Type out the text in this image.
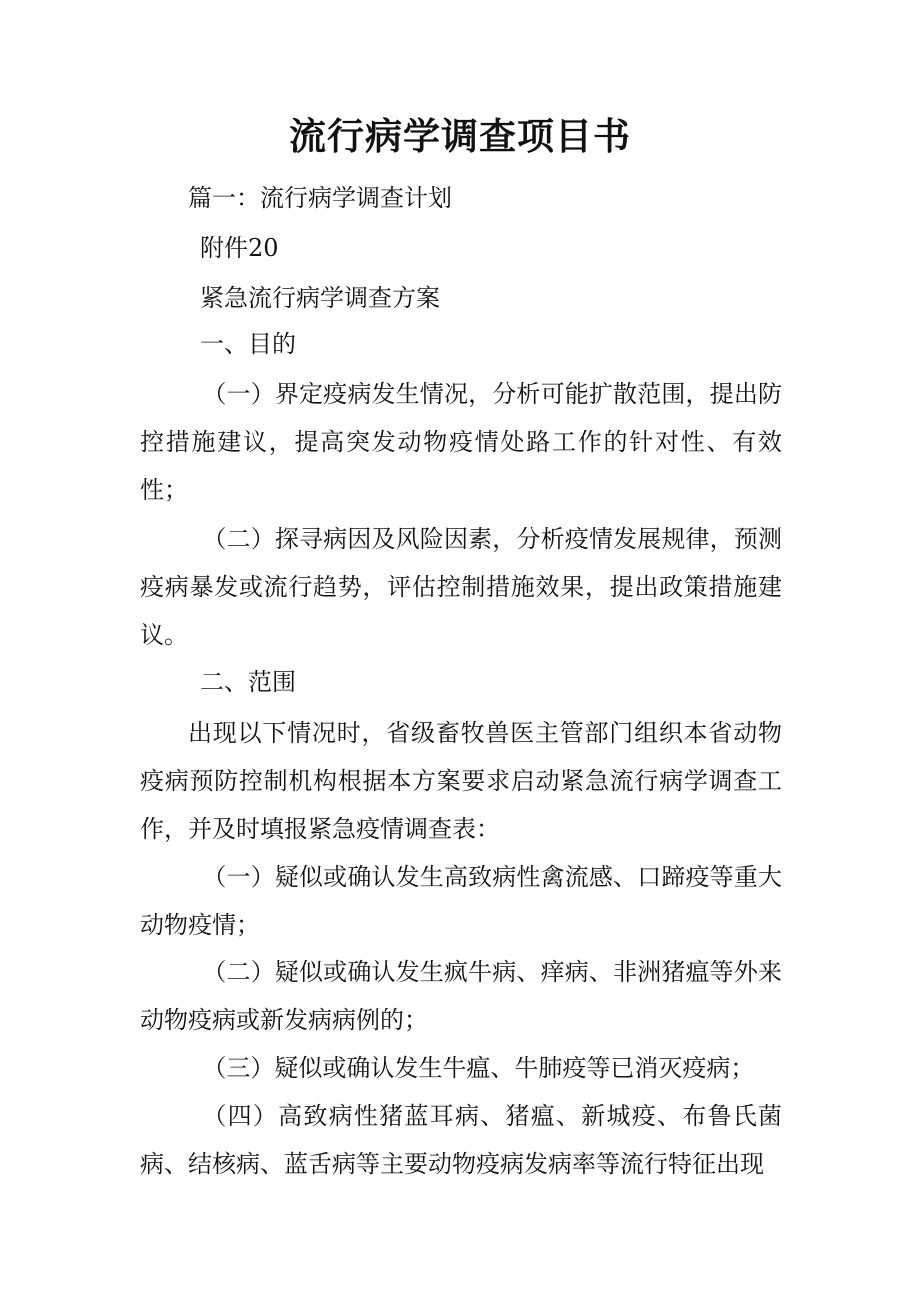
流行病学调查项目书

篇一：流行病学调查计划

附件20

紧急流行病学调查方案

一、目的

（一）界定疫病发生情况，分析可能扩散范围，提出防控措施建议，提高突发动物疫情处路工作的针对性、有效性；

（二）探寻病因及风险因素，分析疫情发展规律，预测疫病暴发或流行趋势，评估控制措施效果，提出政策措施建议。

二、范围

出现以下情况时，省级畜牧兽医主管部门组织本省动物疫病预防控制机构根据本方案要求启动紧急流行病学调查工作，并及时填报紧急疫情调查表：

（一）疑似或确认发生高致病性禽流感、口蹄疫等重大动物疫情；

（二）疑似或确认发生疯牛病、痒病、非洲猪瘟等外来动物疫病或新发病病例的；

（三）疑似或确认发生牛瘟、牛肺疫等已消灭疫病；

（四）高致病性猪蓝耳病、猪瘟、新城疫、布鲁氏菌病、结核病、蓝舌病等主要动物疫病发病率等流行特征出现
